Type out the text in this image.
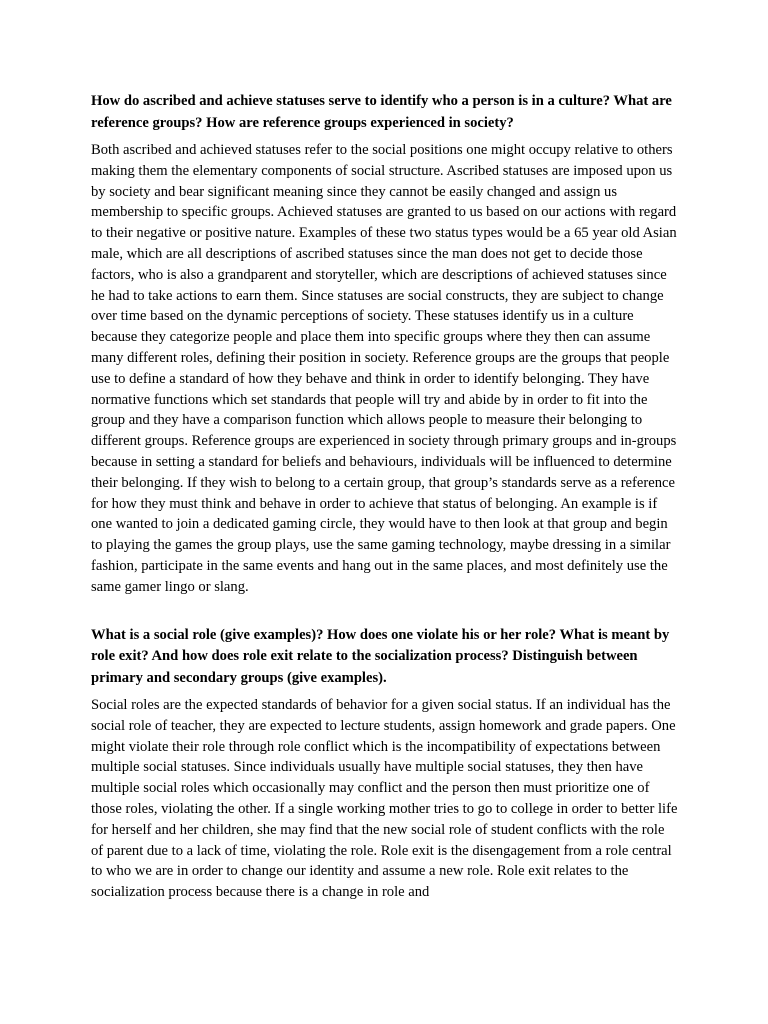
How do ascribed and achieve statuses serve to identify who a person is in a culture? What are reference groups? How are reference groups experienced in society?

Both ascribed and achieved statuses refer to the social positions one might occupy relative to others making them the elementary components of social structure. Ascribed statuses are imposed upon us by society and bear significant meaning since they cannot be easily changed and assign us membership to specific groups. Achieved statuses are granted to us based on our actions with regard to their negative or positive nature. Examples of these two status types would be a 65 year old Asian male, which are all descriptions of ascribed statuses since the man does not get to decide those factors, who is also a grandparent and storyteller, which are descriptions of achieved statuses since he had to take actions to earn them. Since statuses are social constructs, they are subject to change over time based on the dynamic perceptions of society. These statuses identify us in a culture because they categorize people and place them into specific groups where they then can assume many different roles, defining their position in society. Reference groups are the groups that people use to define a standard of how they behave and think in order to identify belonging. They have normative functions which set standards that people will try and abide by in order to fit into the group and they have a comparison function which allows people to measure their belonging to different groups. Reference groups are experienced in society through primary groups and in-groups because in setting a standard for beliefs and behaviours, individuals will be influenced to determine their belonging. If they wish to belong to a certain group, that group’s standards serve as a reference for how they must think and behave in order to achieve that status of belonging. An example is if one wanted to join a dedicated gaming circle, they would have to then look at that group and begin to playing the games the group plays, use the same gaming technology, maybe dressing in a similar fashion, participate in the same events and hang out in the same places, and most definitely use the same gamer lingo or slang.

What is a social role (give examples)? How does one violate his or her role? What is meant by role exit? And how does role exit relate to the socialization process? Distinguish between primary and secondary groups (give examples).

Social roles are the expected standards of behavior for a given social status. If an individual has the social role of teacher, they are expected to lecture students, assign homework and grade papers. One might violate their role through role conflict which is the incompatibility of expectations between multiple social statuses. Since individuals usually have multiple social statuses, they then have multiple social roles which occasionally may conflict and the person then must prioritize one of those roles, violating the other. If a single working mother tries to go to college in order to better life for herself and her children, she may find that the new social role of student conflicts with the role of parent due to a lack of time, violating the role. Role exit is the disengagement from a role central to who we are in order to change our identity and assume a new role. Role exit relates to the socialization process because there is a change in role and
